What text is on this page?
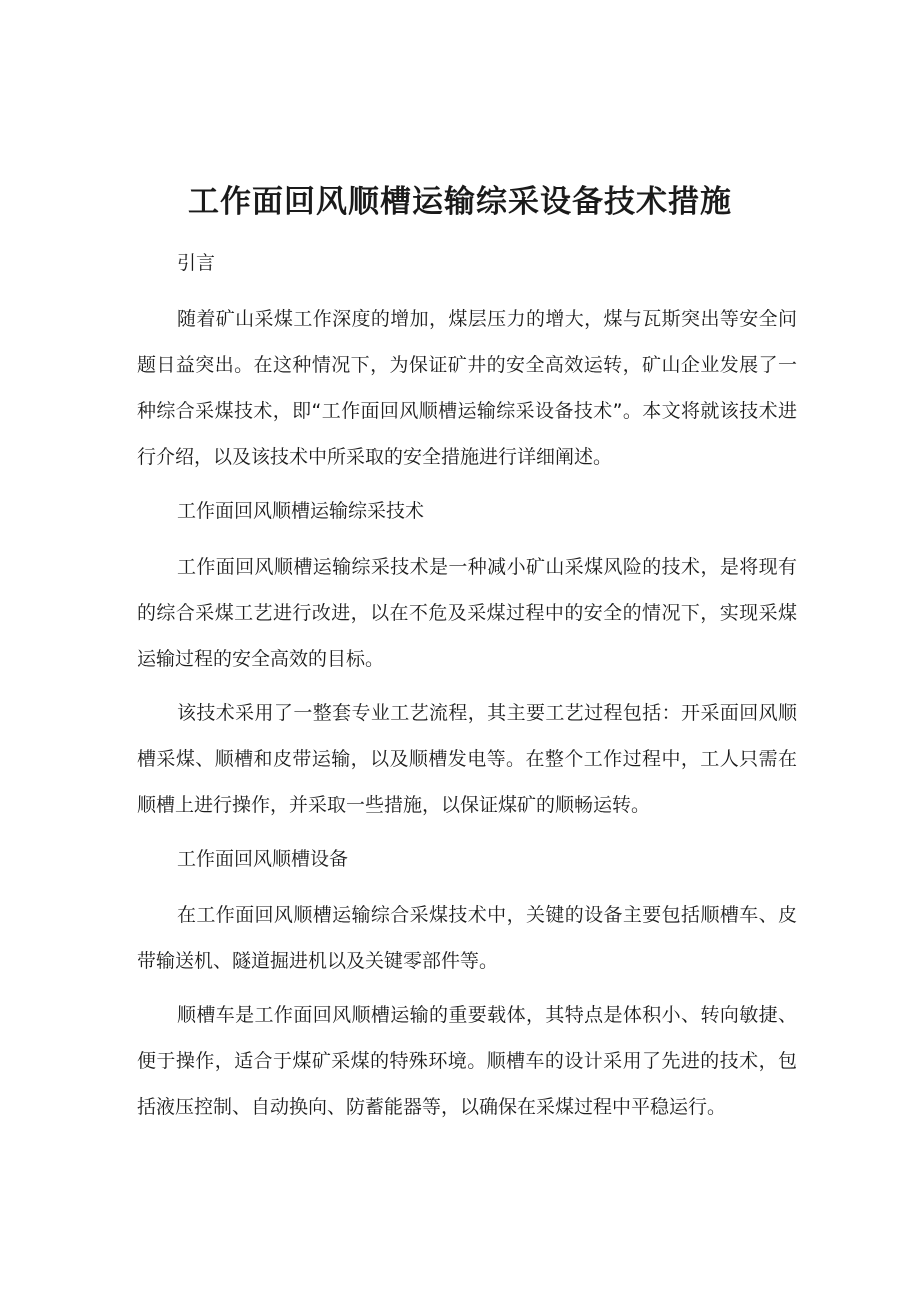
工作面回风顺槽运输综采设备技术措施

引言

随着矿山采煤工作深度的增加，煤层压力的增大，煤与瓦斯突出等安全问题日益突出。在这种情况下，为保证矿井的安全高效运转，矿山企业发展了一种综合采煤技术，即“工作面回风顺槽运输综采设备技术”。本文将就该技术进行介绍，以及该技术中所采取的安全措施进行详细阐述。

工作面回风顺槽运输综采技术

工作面回风顺槽运输综采技术是一种减小矿山采煤风险的技术，是将现有的综合采煤工艺进行改进，以在不危及采煤过程中的安全的情况下，实现采煤运输过程的安全高效的目标。

该技术采用了一整套专业工艺流程，其主要工艺过程包括：开采面回风顺槽采煤、顺槽和皮带运输，以及顺槽发电等。在整个工作过程中，工人只需在顺槽上进行操作，并采取一些措施，以保证煤矿的顺畅运转。

工作面回风顺槽设备

在工作面回风顺槽运输综合采煤技术中，关键的设备主要包括顺槽车、皮带输送机、隧道掘进机以及关键零部件等。

顺槽车是工作面回风顺槽运输的重要载体，其特点是体积小、转向敏捷、便于操作，适合于煤矿采煤的特殊环境。顺槽车的设计采用了先进的技术，包括液压控制、自动换向、防蓄能器等，以确保在采煤过程中平稳运行。
